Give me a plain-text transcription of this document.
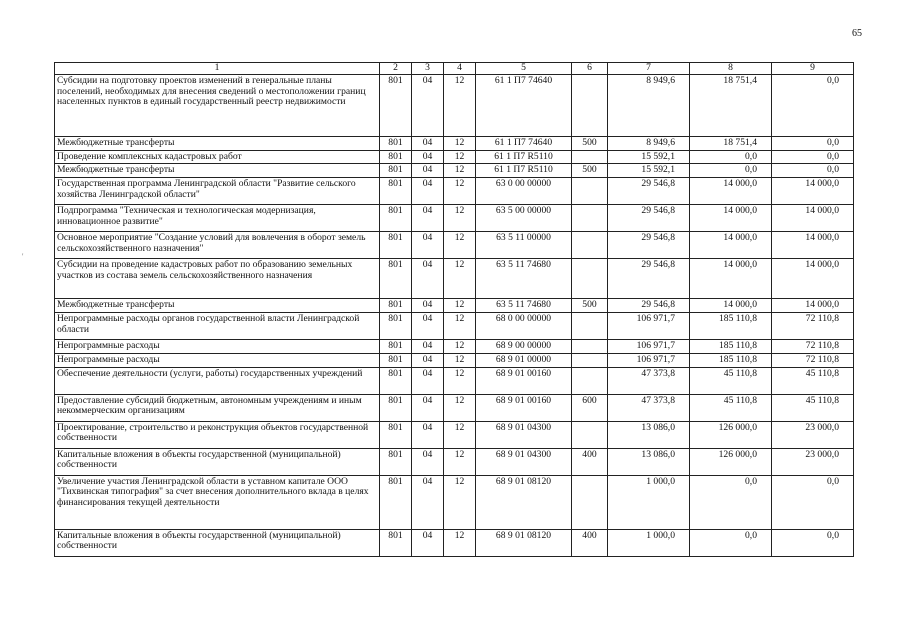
65
'
1	2	3	4	5	6	7	8	9
Субсидии на подготовку проектов изменений в генеральные планы поселений, необходимых для внесения сведений о местоположении границ населенных пунктов в единый государственный реестр недвижимости	801	04	12	61 1 П7 74640		8 949,6	18 751,4	0,0
Межбюджетные трансферты	801	04	12	61 1 П7 74640	500	8 949,6	18 751,4	0,0
Проведение комплексных кадастровых работ	801	04	12	61 1 П7 R5110		15 592,1	0,0	0,0
Межбюджетные трансферты	801	04	12	61 1 П7 R5110	500	15 592,1	0,0	0,0
Государственная программа Ленинградской области "Развитие сельского хозяйства Ленинградской области"	801	04	12	63 0 00 00000		29 546,8	14 000,0	14 000,0
Подпрограмма "Техническая и технологическая модернизация, инновационное развитие"	801	04	12	63 5 00 00000		29 546,8	14 000,0	14 000,0
Основное мероприятие "Создание условий для вовлечения в оборот земель сельскохозяйственного назначения"	801	04	12	63 5 11 00000		29 546,8	14 000,0	14 000,0
Субсидии на проведение кадастровых работ по образованию земельных участков из состава земель сельскохозяйственного назначения	801	04	12	63 5 11 74680		29 546,8	14 000,0	14 000,0
Межбюджетные трансферты	801	04	12	63 5 11 74680	500	29 546,8	14 000,0	14 000,0
Непрограммные расходы органов государственной власти Ленинградской области	801	04	12	68 0 00 00000		106 971,7	185 110,8	72 110,8
Непрограммные расходы	801	04	12	68 9 00 00000		106 971,7	185 110,8	72 110,8
Непрограммные расходы	801	04	12	68 9 01 00000		106 971,7	185 110,8	72 110,8
Обеспечение деятельности (услуги, работы) государственных учреждений	801	04	12	68 9 01 00160		47 373,8	45 110,8	45 110,8
Предоставление субсидий бюджетным, автономным учреждениям и иным некоммерческим организациям	801	04	12	68 9 01 00160	600	47 373,8	45 110,8	45 110,8
Проектирование, строительство и реконструкция объектов государственной собственности	801	04	12	68 9 01 04300		13 086,0	126 000,0	23 000,0
Капитальные вложения в объекты государственной (муниципальной) собственности	801	04	12	68 9 01 04300	400	13 086,0	126 000,0	23 000,0
Увеличение участия Ленинградской области в уставном капитале ООО "Тихвинская типография" за счет внесения дополнительного вклада в целях финансирования текущей деятельности	801	04	12	68 9 01 08120		1 000,0	0,0	0,0
Капитальные вложения в объекты государственной (муниципальной) собственности	801	04	12	68 9 01 08120	400	1 000,0	0,0	0,0
